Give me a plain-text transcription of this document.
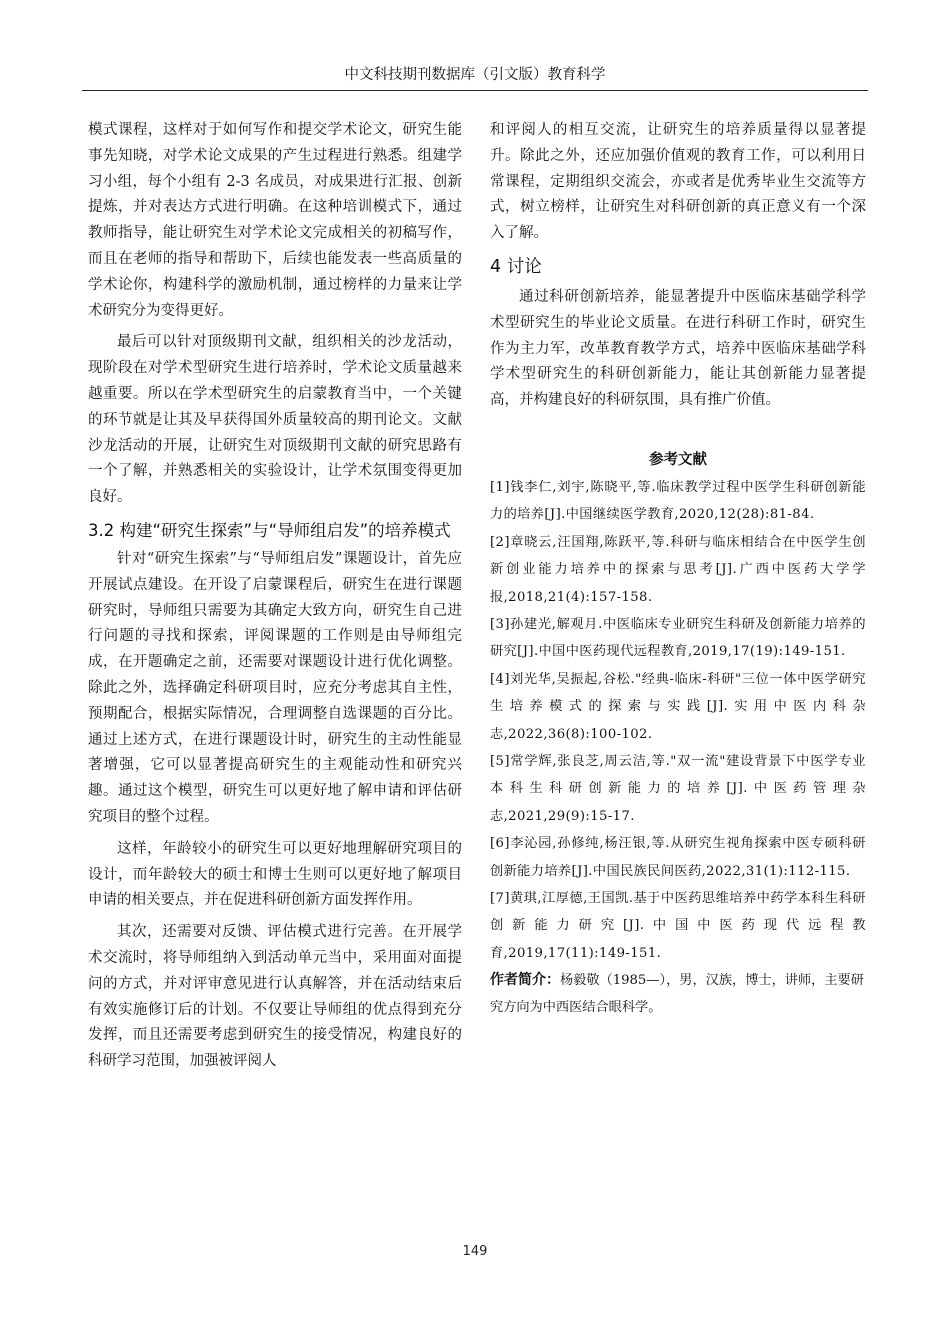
中文科技期刊数据库（引文版）教育科学

模式课程，这样对于如何写作和提交学术论文，研究生能事先知晓，对学术论文成果的产生过程进行熟悉。组建学习小组，每个小组有 2-3 名成员，对成果进行汇报、创新提炼，并对表达方式进行明确。在这种培训模式下，通过教师指导，能让研究生对学术论文完成相关的初稿写作，而且在老师的指导和帮助下，后续也能发表一些高质量的学术论你，构建科学的激励机制，通过榜样的力量来让学术研究分为变得更好。

最后可以针对顶级期刊文献，组织相关的沙龙活动，现阶段在对学术型研究生进行培养时，学术论文质量越来越重要。所以在学术型研究生的启蒙教育当中，一个关键的环节就是让其及早获得国外质量较高的期刊论文。文献沙龙活动的开展，让研究生对顶级期刊文献的研究思路有一个了解，并熟悉相关的实验设计，让学术氛围变得更加良好。

3.2 构建“研究生探索”与“导师组启发”的培养模式

针对“研究生探索”与“导师组启发”课题设计，首先应开展试点建设。在开设了启蒙课程后，研究生在进行课题研究时，导师组只需要为其确定大致方向，研究生自己进行问题的寻找和探索，评阅课题的工作则是由导师组完成，在开题确定之前，还需要对课题设计进行优化调整。除此之外，选择确定科研项目时，应充分考虑其自主性，预期配合，根据实际情况，合理调整自选课题的百分比。通过上述方式，在进行课题设计时，研究生的主动性能显著增强，它可以显著提高研究生的主观能动性和研究兴趣。通过这个模型，研究生可以更好地了解申请和评估研究项目的整个过程。

这样，年龄较小的研究生可以更好地理解研究项目的设计，而年龄较大的硕士和博士生则可以更好地了解项目申请的相关要点，并在促进科研创新方面发挥作用。

其次，还需要对反馈、评估模式进行完善。在开展学术交流时，将导师组纳入到活动单元当中，采用面对面提问的方式，并对评审意见进行认真解答，并在活动结束后有效实施修订后的计划。不仅要让导师组的优点得到充分发挥，而且还需要考虑到研究生的接受情况，构建良好的科研学习范围，加强被评阅人

和评阅人的相互交流，让研究生的培养质量得以显著提升。除此之外，还应加强价值观的教育工作，可以利用日常课程，定期组织交流会，亦或者是优秀毕业生交流等方式，树立榜样，让研究生对科研创新的真正意义有一个深入了解。

4 讨论

通过科研创新培养，能显著提升中医临床基础学科学术型研究生的毕业论文质量。在进行科研工作时，研究生作为主力军，改革教育教学方式，培养中医临床基础学科学术型研究生的科研创新能力，能让其创新能力显著提高，并构建良好的科研氛围，具有推广价值。

参考文献

[1]钱李仁,刘宇,陈晓平,等.临床教学过程中医学生科研创新能力的培养[J].中国继续医学教育,2020,12(28):81-84.

[2]章晓云,汪国翔,陈跃平,等.科研与临床相结合在中医学生创新创业能力培养中的探索与思考[J].广西中医药大学学报,2018,21(4):157-158.

[3]孙建光,解观月.中医临床专业研究生科研及创新能力培养的研究[J].中国中医药现代远程教育,2019,17(19):149-151.

[4]刘光华,吴振起,谷松."经典-临床-科研"三位一体中医学研究生培养模式的探索与实践[J].实用中医内科杂志,2022,36(8):100-102.

[5]常学辉,张良芝,周云洁,等."双一流"建设背景下中医学专业本科生科研创新能力的培养[J].中医药管理杂志,2021,29(9):15-17.

[6]李沁园,孙修纯,杨汪银,等.从研究生视角探索中医专硕科研创新能力培养[J].中国民族民间医药,2022,31(1):112-115.

[7]黄琪,江厚德,王国凯.基于中医药思维培养中药学本科生科研创新能力研究[J].中国中医药现代远程教育,2019,17(11):149-151.

作者简介：杨毅敬（1985—），男，汉族，博士，讲师，主要研究方向为中西医结合眼科学。

149
